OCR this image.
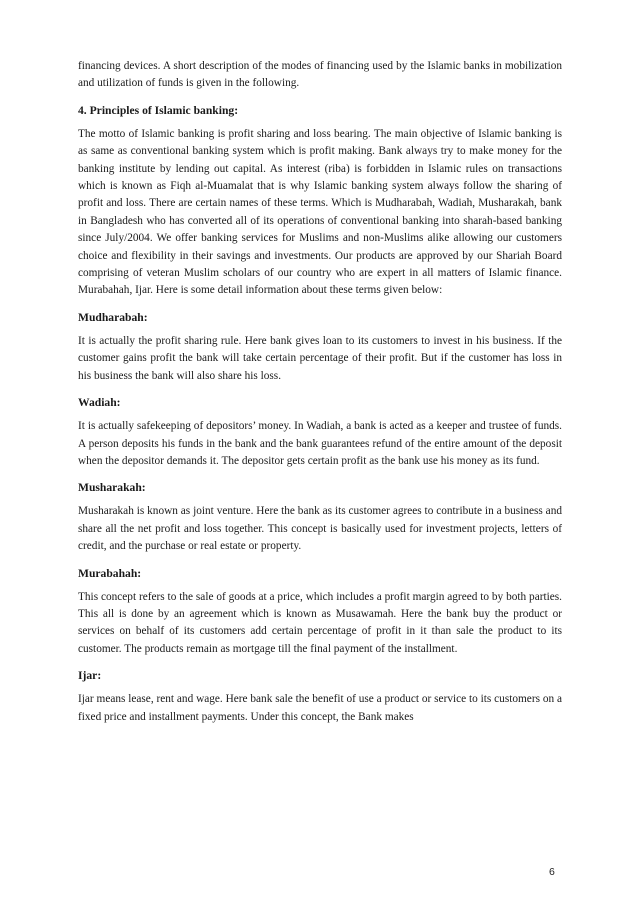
financing devices. A short description of the modes of financing used by the Islamic banks in mobilization and utilization of funds is given in the following.

4. Principles of Islamic banking:

The motto of Islamic banking is profit sharing and loss bearing. The main objective of Islamic banking is as same as conventional banking system which is profit making. Bank always try to make money for the banking institute by lending out capital. As interest (riba) is forbidden in Islamic rules on transactions which is known as Fiqh al-Muamalat that is why Islamic banking system always follow the sharing of profit and loss. There are certain names of these terms. Which is Mudharabah, Wadiah, Musharakah, bank in Bangladesh who has converted all of its operations of conventional banking into sharah-based banking since July/2004. We offer banking services for Muslims and non-Muslims alike allowing our customers choice and flexibility in their savings and investments. Our products are approved by our Shariah Board comprising of veteran Muslim scholars of our country who are expert in all matters of Islamic finance. Murabahah, Ijar. Here is some detail information about these terms given below:

Mudharabah:

It is actually the profit sharing rule. Here bank gives loan to its customers to invest in his business. If the customer gains profit the bank will take certain percentage of their profit. But if the customer has loss in his business the bank will also share his loss.

Wadiah:

It is actually safekeeping of depositors’ money. In Wadiah, a bank is acted as a keeper and trustee of funds. A person deposits his funds in the bank and the bank guarantees refund of the entire amount of the deposit when the depositor demands it. The depositor gets certain profit as the bank use his money as its fund.

Musharakah:

Musharakah is known as joint venture. Here the bank as its customer agrees to contribute in a business and share all the net profit and loss together. This concept is basically used for investment projects, letters of credit, and the purchase or real estate or property.

Murabahah:

This concept refers to the sale of goods at a price, which includes a profit margin agreed to by both parties. This all is done by an agreement which is known as Musawamah. Here the bank buy the product or services on behalf of its customers add certain percentage of profit in it than sale the product to its customer. The products remain as mortgage till the final payment of the installment.

Ijar:

Ijar means lease, rent and wage. Here bank sale the benefit of use a product or service to its customers on a fixed price and installment payments. Under this concept, the Bank makes

6
